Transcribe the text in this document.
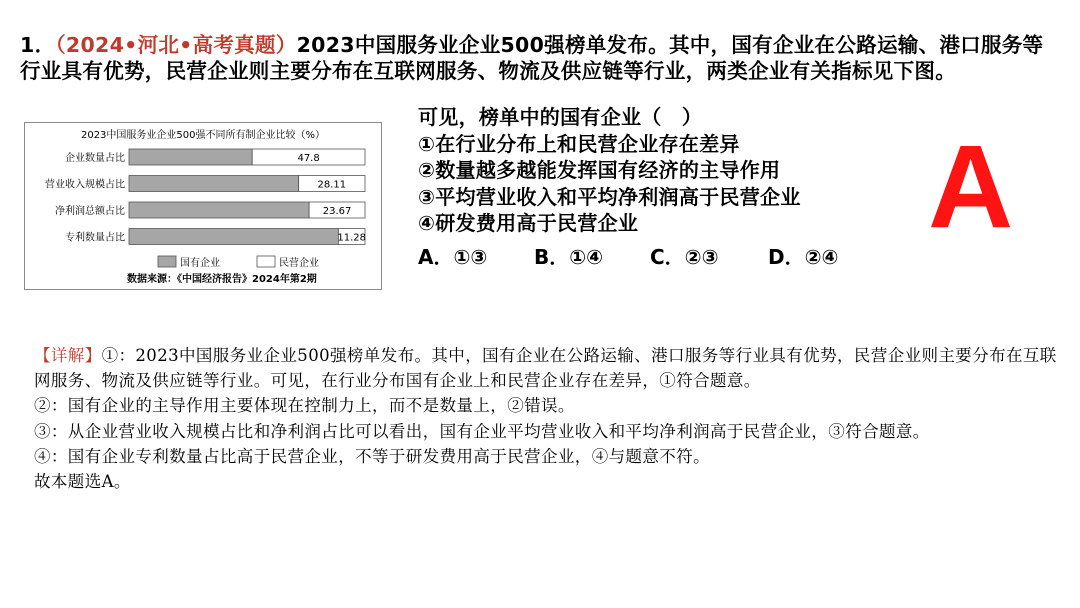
1．（2024•河北•高考真题）2023中国服务业企业500强榜单发布。其中，国有企业在公路运输、港口服务等行业具有优势，民营企业则主要分布在互联网服务、物流及供应链等行业，两类企业有关指标见下图。
2023中国服务业企业500强不同所有制企业比较（%）
企业数量占比	47.8
营业收入规模占比	28.11
净利润总额占比	23.67
专利数量占比	11.28
国有企业	民营企业
数据来源：《中国经济报告》2024年第2期
可见，榜单中的国有企业（　）
①在行业分布上和民营企业存在差异
②数量越多越能发挥国有经济的主导作用
③平均营业收入和平均净利润高于民营企业
④研发费用高于民营企业
A．①③ B．①④ C．②③ D．②④
A

【详解】①：2023中国服务业企业500强榜单发布。其中，国有企业在公路运输、港口服务等行业具有优势，民营企业则主要分布在互联网服务、物流及供应链等行业。可见，在行业分布国有企业上和民营企业存在差异，①符合题意。

②：国有企业的主导作用主要体现在控制力上，而不是数量上，②错误。

③：从企业营业收入规模占比和净利润占比可以看出，国有企业平均营业收入和平均净利润高于民营企业，③符合题意。

④：国有企业专利数量占比高于民营企业，不等于研发费用高于民营企业，④与题意不符。

故本题选A。
